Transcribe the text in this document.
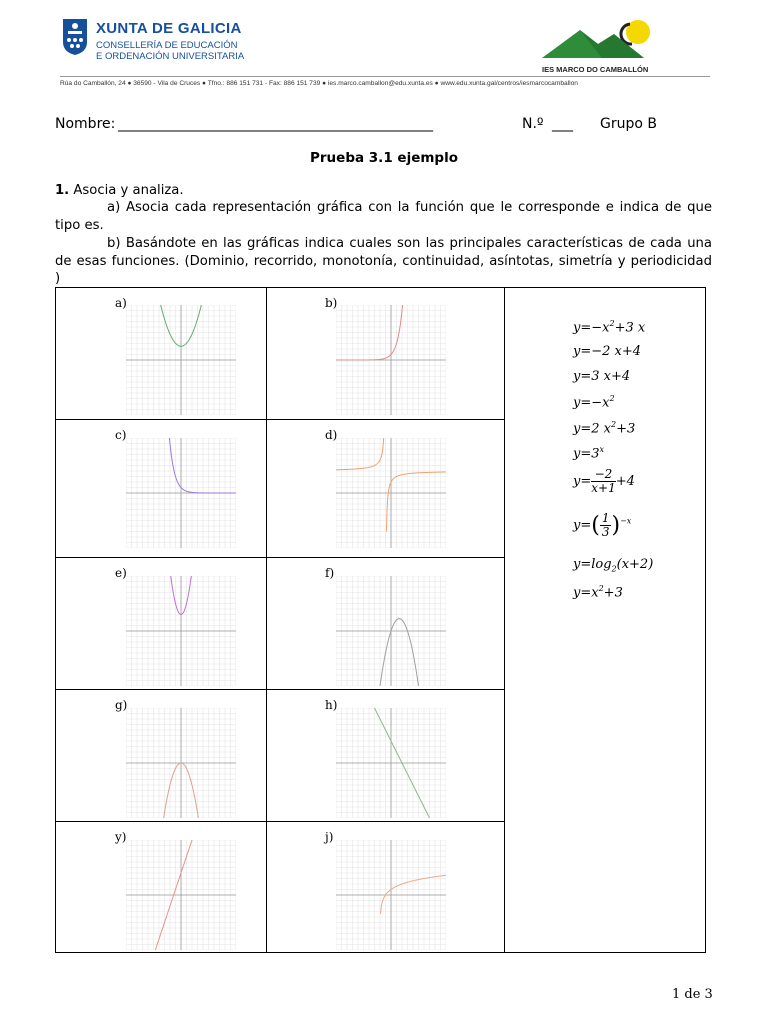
XUNTA DE GALICIA
CONSELLERÍA DE EDUCACIÓN
E ORDENACIÓN UNIVERSITARIA
IES MARCO DO CAMBALLÓN
Rúa do Camballón, 24 ● 36590 - Vila de Cruces ● Tfno.: 886 151 731 - Fax: 886 151 739 ● ies.marco.camballon@edu.xunta.es ● www.edu.xunta.gal/centros/iesmarcocamballon
Nombre: _____________________________________________	N.º ___ Grupo B
Prueba 3.1 ejemplo
1. Asocia y analiza.
a) Asocia cada representación gráfica con la función que le corresponde e indica de que tipo es.
b) Basándote en las gráficas indica cuales son las principales características de cada una de esas funciones. (Dominio, recorrido, monotonía, continuidad, asíntotas, simetría y periodicidad )
a)	b)
c)	d)
e)	f)
g)	h)
y)	j)
$y=-x^2+3$ x
y=−2 x+4
y=3 x+4
$y=-x^2$
y=2 $x^2+3$
$y=3^x$
$y= \frac{-2}{x+1} +4$
$y=( \frac{1}{3} )^{-x}$
$y=\log_2(x+2)$
$y=x^2+3$
1 de 3
